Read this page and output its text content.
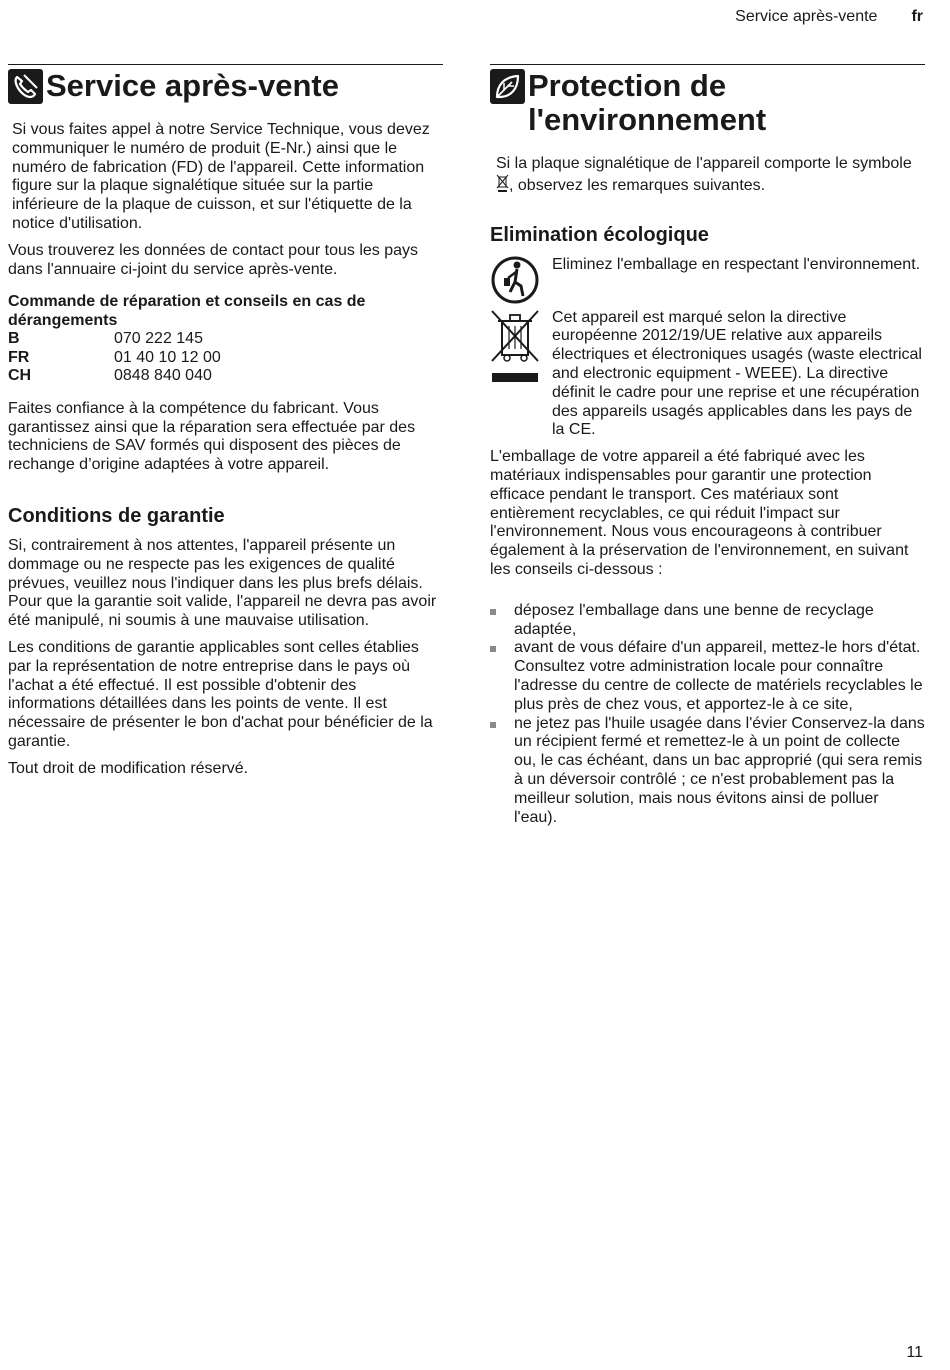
Service après-vente fr
Service après-vente

Si vous faites appel à notre Service Technique, vous devez communiquer le numéro de produit (E-Nr.) ainsi que le numéro de fabrication (FD) de l'appareil. Cette information figure sur la plaque signalétique située sur la partie inférieure de la plaque de cuisson, et sur l'étiquette de la notice d'utilisation.

Vous trouverez les données de contact pour tous les pays dans l'annuaire ci-joint du service après-vente.

Commande de réparation et conseils en cas de dérangements
B	070 222 145
FR	01 40 10 12 00
CH	0848 840 040

Faites confiance à la compétence du fabricant. Vous garantissez ainsi que la réparation sera effectuée par des techniciens de SAV formés qui disposent des pièces de rechange d’origine adaptées à votre appareil.

Conditions de garantie

Si, contrairement à nos attentes, l'appareil présente un dommage ou ne respecte pas les exigences de qualité prévues, veuillez nous l'indiquer dans les plus brefs délais. Pour que la garantie soit valide, l'appareil ne devra pas avoir été manipulé, ni soumis à une mauvaise utilisation.

Les conditions de garantie applicables sont celles établies par la représentation de notre entreprise dans le pays où l'achat a été effectué. Il est possible d'obtenir des informations détaillées dans les points de vente. Il est nécessaire de présenter le bon d'achat pour bénéficier de la garantie.

Tout droit de modification réservé.

Protection de
l'environnement

Si la plaque signalétique de l'appareil comporte le symbole , observez les remarques suivantes.

Elimination écologique

Eliminez l'emballage en respectant l'environnement.

Cet appareil est marqué selon la directive européenne 2012/19/UE relative aux appareils électriques et électroniques usagés (waste electrical and electronic equipment - WEEE). La directive définit le cadre pour une reprise et une récupération des appareils usagés applicables dans les pays de la CE.

L'emballage de votre appareil a été fabriqué avec les matériaux indispensables pour garantir une protection efficace pendant le transport. Ces matériaux sont entièrement recyclables, ce qui réduit l'impact sur l'environnement. Nous vous encourageons à contribuer également à la préservation de l'environnement, en suivant les conseils ci-dessous :

déposez l'emballage dans une benne de recyclage adaptée,
avant de vous défaire d'un appareil, mettez-le hors d'état. Consultez votre administration locale pour connaître l'adresse du centre de collecte de matériels recyclables le plus près de chez vous, et apportez-le à ce site,
ne jetez pas l'huile usagée dans l'évier Conservez-la dans un récipient fermé et remettez-le à un point de collecte ou, le cas échéant, dans un bac approprié (qui sera remis à un déversoir contrôlé ; ce n'est probablement pas la meilleur solution, mais nous évitons ainsi de polluer l'eau).
11
